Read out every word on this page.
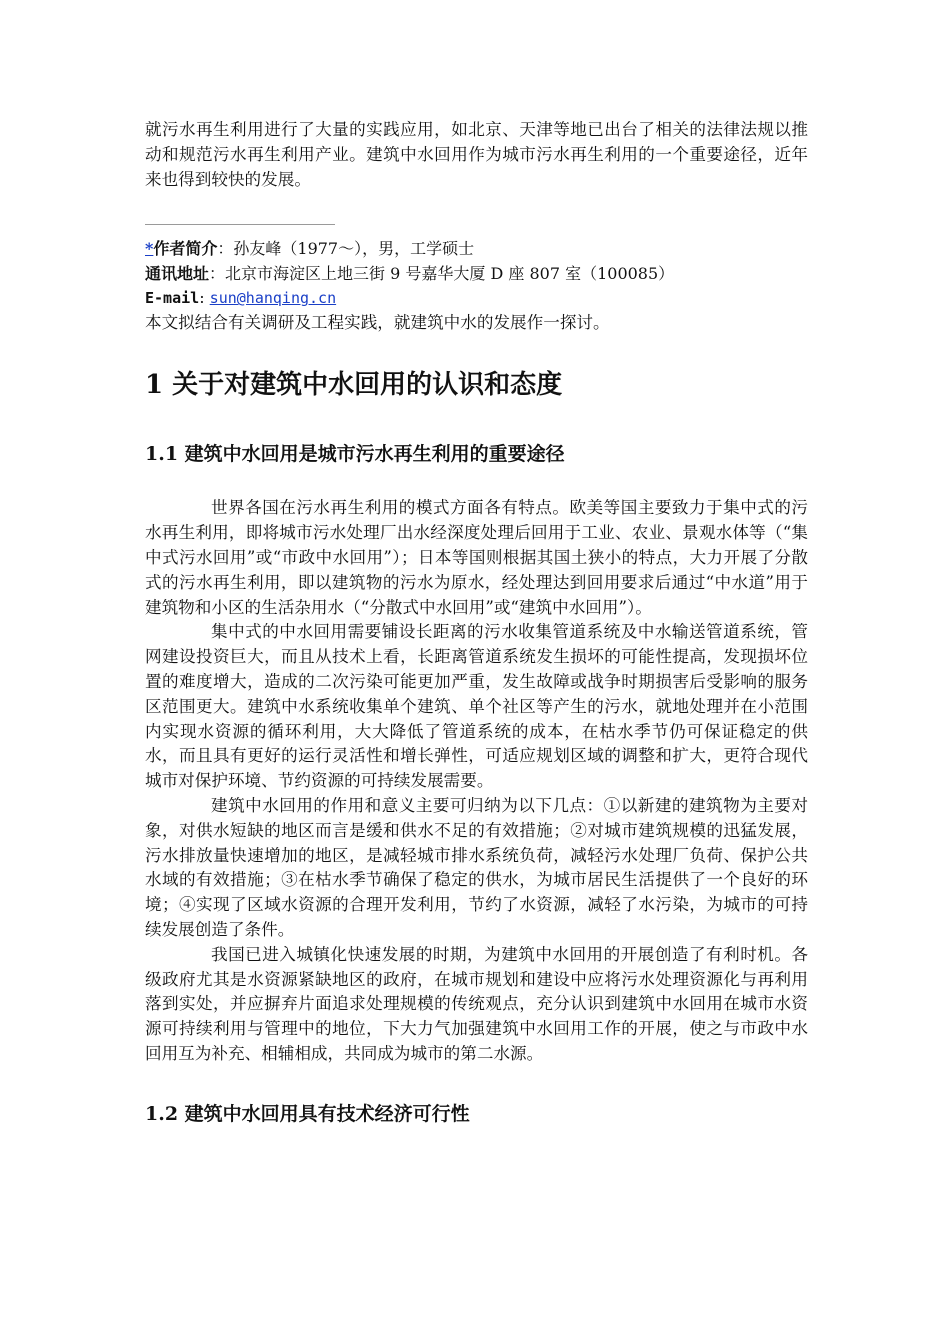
就污水再生利用进行了大量的实践应用，如北京、天津等地已出台了相关的法律法规以推动和规范污水再生利用产业。建筑中水回用作为城市污水再生利用的一个重要途径，近年来也得到较快的发展。

*作者简介：孙友峰（1977～），男，工学硕士
通讯地址：北京市海淀区上地三街 9 号嘉华大厦 D 座 807 室（100085）
E-mail: sun@hanqing.cn

本文拟结合有关调研及工程实践，就建筑中水的发展作一探讨。

1 关于对建筑中水回用的认识和态度
1.1 建筑中水回用是城市污水再生利用的重要途径

世界各国在污水再生利用的模式方面各有特点。欧美等国主要致力于集中式的污水再生利用，即将城市污水处理厂出水经深度处理后回用于工业、农业、景观水体等（“集中式污水回用”或“市政中水回用”）；日本等国则根据其国土狭小的特点，大力开展了分散式的污水再生利用，即以建筑物的污水为原水，经处理达到回用要求后通过“中水道”用于建筑物和小区的生活杂用水（“分散式中水回用”或“建筑中水回用”）。

集中式的中水回用需要铺设长距离的污水收集管道系统及中水输送管道系统，管网建设投资巨大，而且从技术上看，长距离管道系统发生损坏的可能性提高，发现损坏位置的难度增大，造成的二次污染可能更加严重，发生故障或战争时期损害后受影响的服务区范围更大。建筑中水系统收集单个建筑、单个社区等产生的污水，就地处理并在小范围内实现水资源的循环利用，大大降低了管道系统的成本，在枯水季节仍可保证稳定的供水，而且具有更好的运行灵活性和增长弹性，可适应规划区域的调整和扩大，更符合现代城市对保护环境、节约资源的可持续发展需要。

建筑中水回用的作用和意义主要可归纳为以下几点：①以新建的建筑物为主要对象，对供水短缺的地区而言是缓和供水不足的有效措施；②对城市建筑规模的迅猛发展，污水排放量快速增加的地区，是减轻城市排水系统负荷，减轻污水处理厂负荷、保护公共水域的有效措施；③在枯水季节确保了稳定的供水，为城市居民生活提供了一个良好的环境；④实现了区域水资源的合理开发利用，节约了水资源，减轻了水污染，为城市的可持续发展创造了条件。

我国已进入城镇化快速发展的时期，为建筑中水回用的开展创造了有利时机。各级政府尤其是水资源紧缺地区的政府，在城市规划和建设中应将污水处理资源化与再利用落到实处，并应摒弃片面追求处理规模的传统观点，充分认识到建筑中水回用在城市水资源可持续利用与管理中的地位，下大力气加强建筑中水回用工作的开展，使之与市政中水回用互为补充、相辅相成，共同成为城市的第二水源。

1.2 建筑中水回用具有技术经济可行性
